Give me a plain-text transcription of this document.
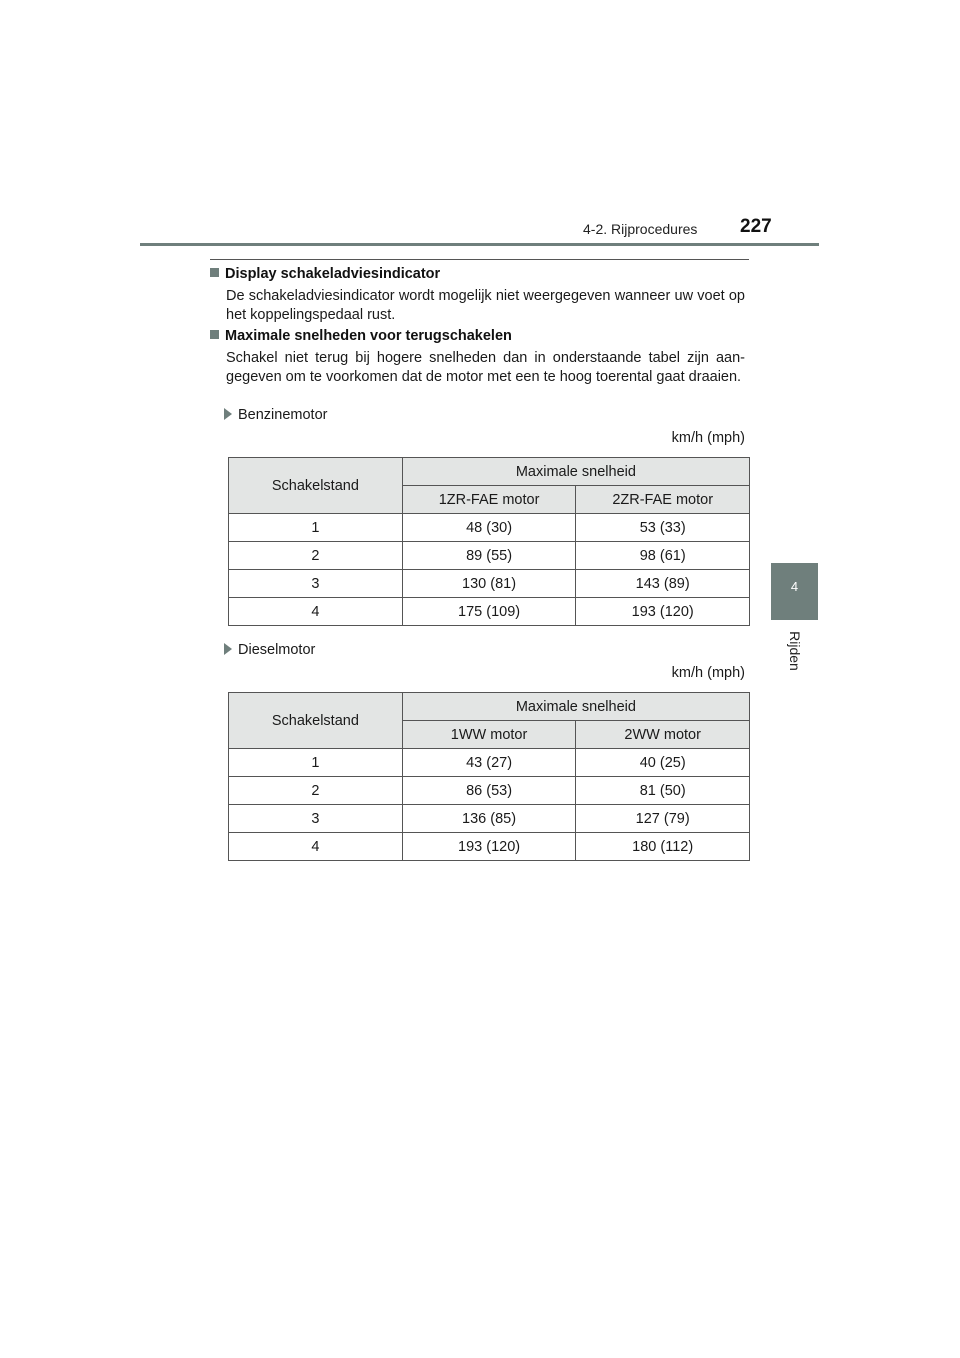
4-2. Rijprocedures 227
4
Rijden
Display schakeladviesindicator
De schakeladviesindicator wordt mogelijk niet weergegeven wanneer uw voet op het koppelingspedaal rust.
Maximale snelheden voor terugschakelen
Schakel niet terug bij hogere snelheden dan in onderstaande tabel zijn aan-gegeven om te voorkomen dat de motor met een te hoog toerental gaat draaien.
Benzinemotor
km/h (mph)
Schakelstand	Maximale snelheid	
	1ZR-FAE motor	2ZR-FAE motor
1	48 (30)	53 (33)
2	89 (55)	98 (61)
3	130 (81)	143 (89)
4	175 (109)	193 (120)
Dieselmotor
km/h (mph)
Schakelstand	Maximale snelheid	
	1WW motor	2WW motor
1	43 (27)	40 (25)
2	86 (53)	81 (50)
3	136 (85)	127 (79)
4	193 (120)	180 (112)
